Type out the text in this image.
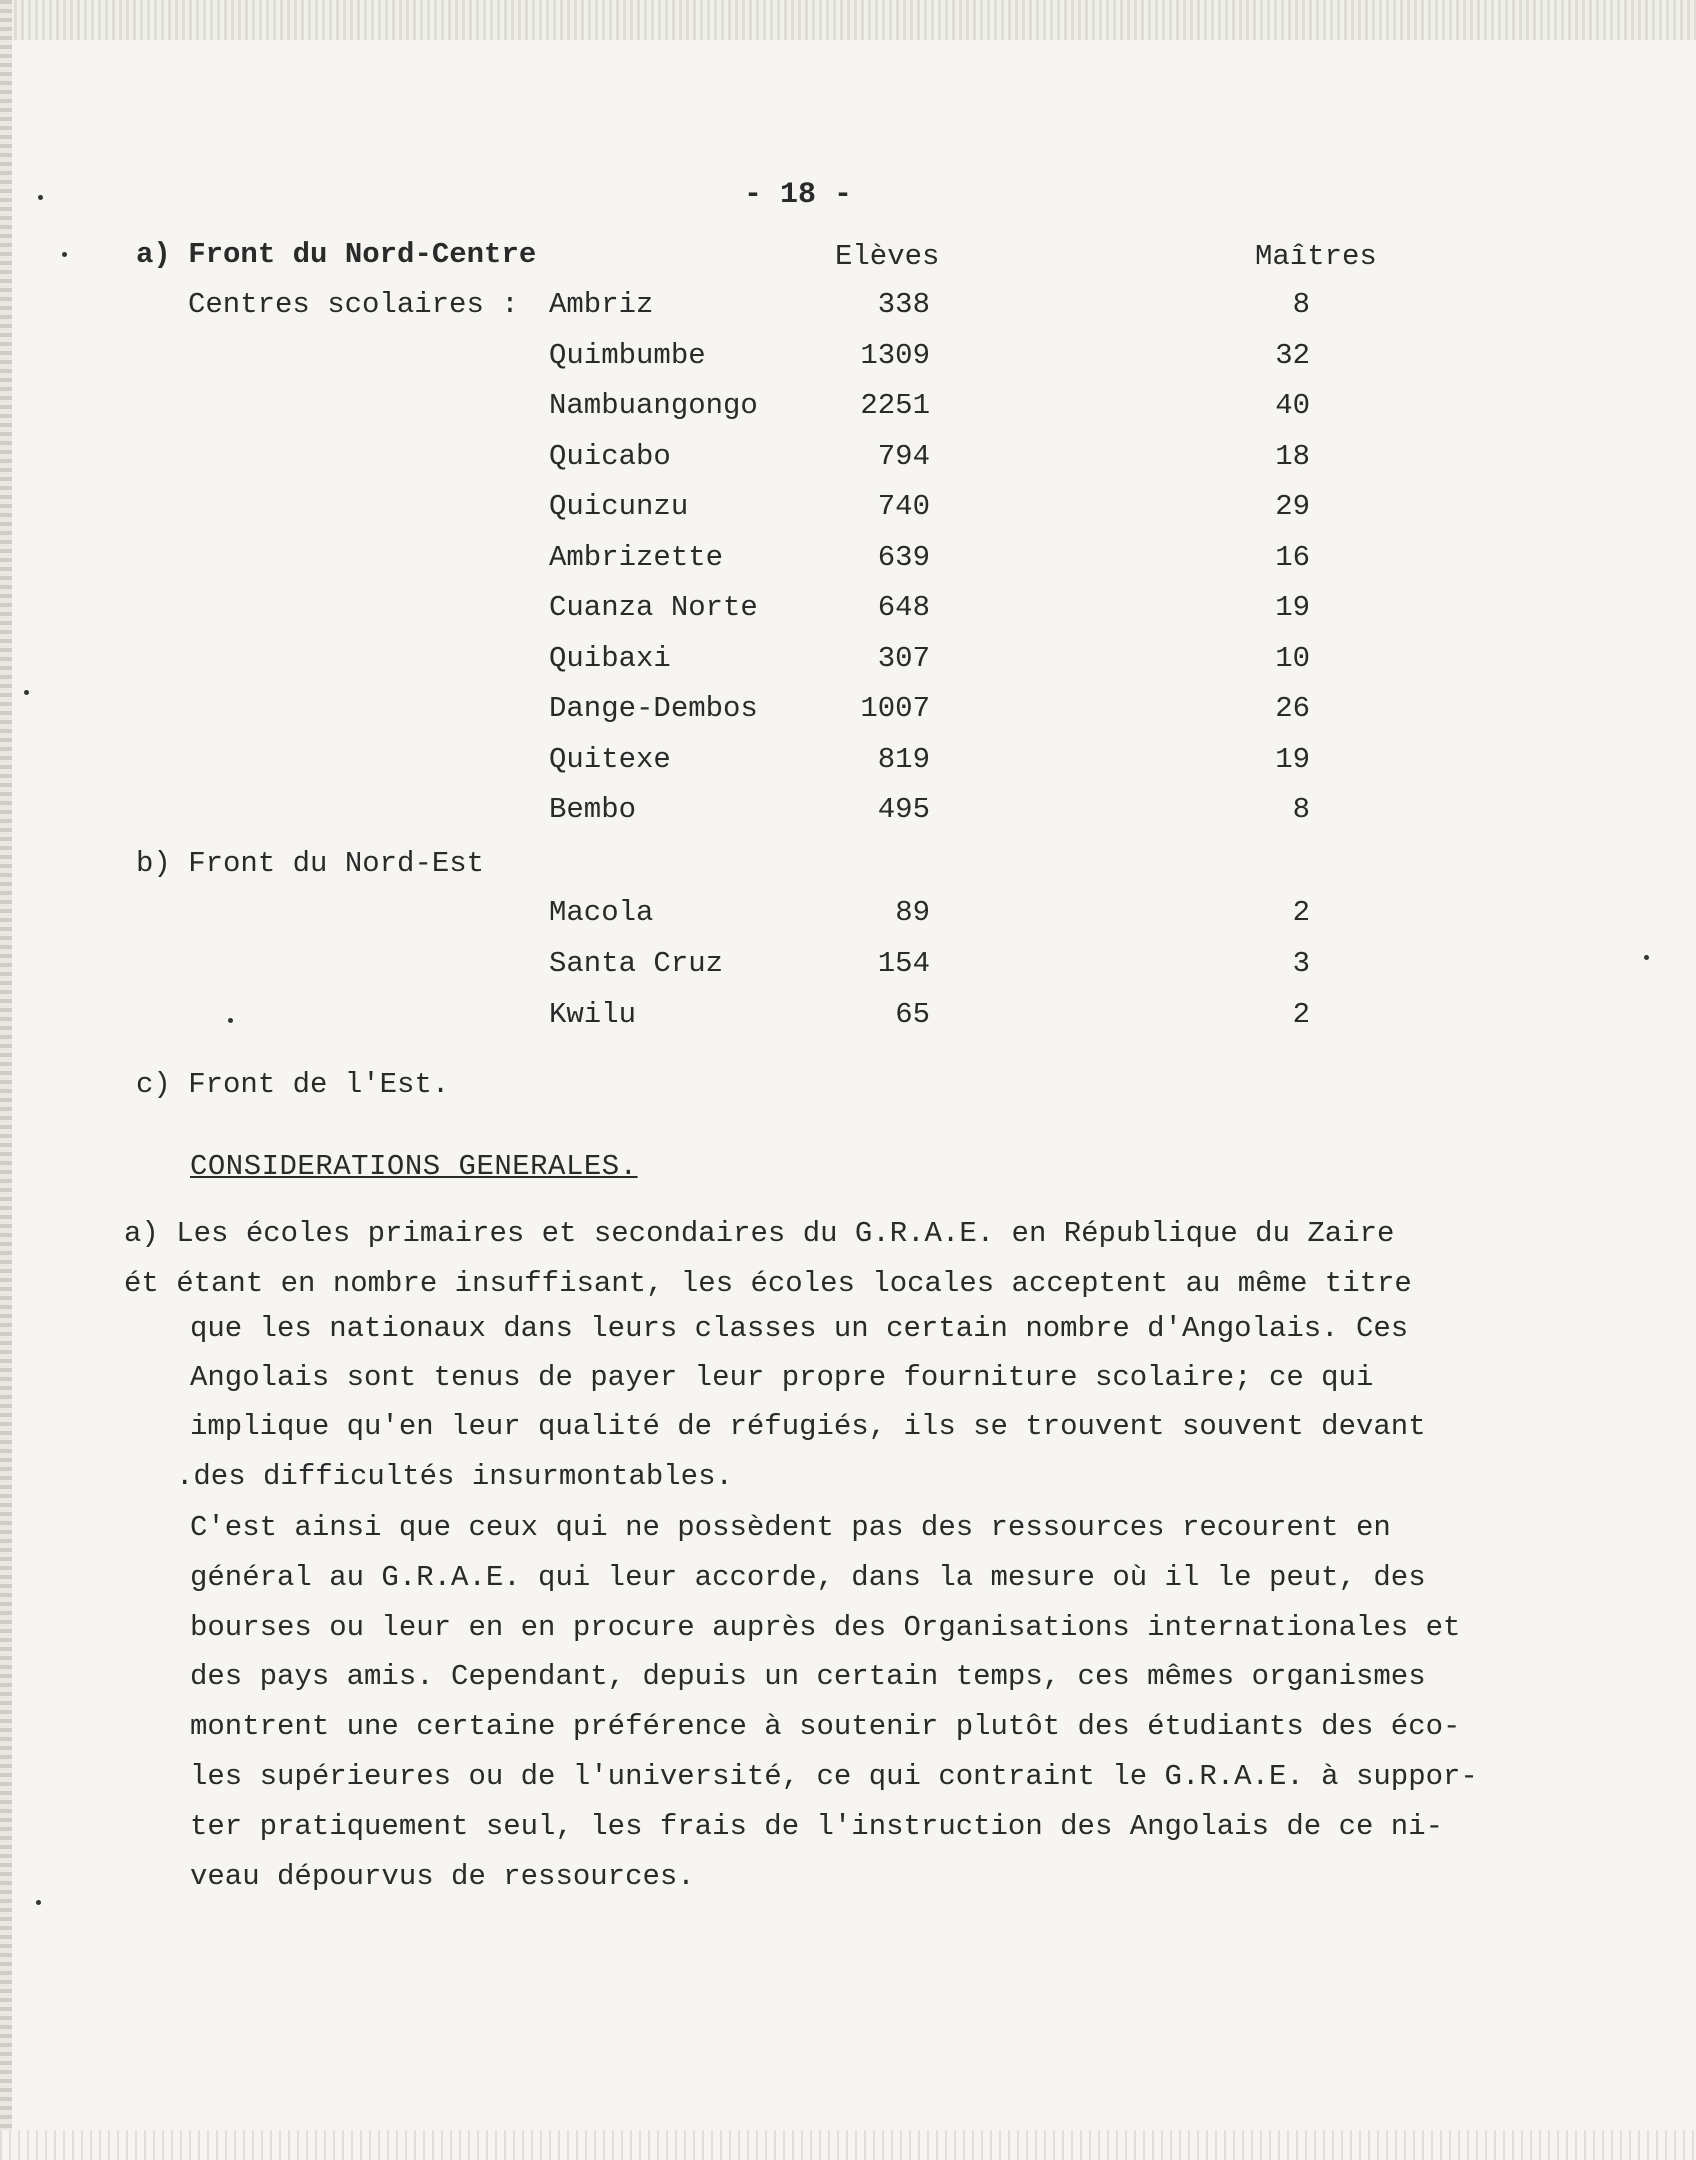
- 18 -
a) Front du Nord-Centre	Elèves	Maîtres
Centres scolaires : Ambriz	338	8
Quimbumbe	1309	32
Nambuangongo	2251	40
Quicabo	794	18
Quicunzu	740	29
Ambrizette	639	16
Cuanza Norte	648	19
Quibaxi	307	10
Dange-Dembos	1007	26
Quitexe	819	19
Bembo	495	8
b) Front du Nord-Est
Macola	89	2
Santa Cruz	154	3
Kwilu	65	2
c) Front de l'Est.
CONSIDERATIONS GENERALES.
a) Les écoles primaires et secondaires du G.R.A.E. en République du Zaire
ét étant en nombre insuffisant, les écoles locales acceptent au même titre
que les nationaux dans leurs classes un certain nombre d'Angolais. Ces
Angolais sont tenus de payer leur propre fourniture scolaire; ce qui
implique qu'en leur qualité de réfugiés, ils se trouvent souvent devant
.des difficultés insurmontables.
C'est ainsi que ceux qui ne possèdent pas des ressources recourent en
général au G.R.A.E. qui leur accorde, dans la mesure où il le peut, des
bourses ou leur en en procure auprès des Organisations internationales et
des pays amis. Cependant, depuis un certain temps, ces mêmes organismes
montrent une certaine préférence à soutenir plutôt des étudiants des éco-
les supérieures ou de l'université, ce qui contraint le G.R.A.E. à suppor-
ter pratiquement seul, les frais de l'instruction des Angolais de ce ni-
veau dépourvus de ressources.
